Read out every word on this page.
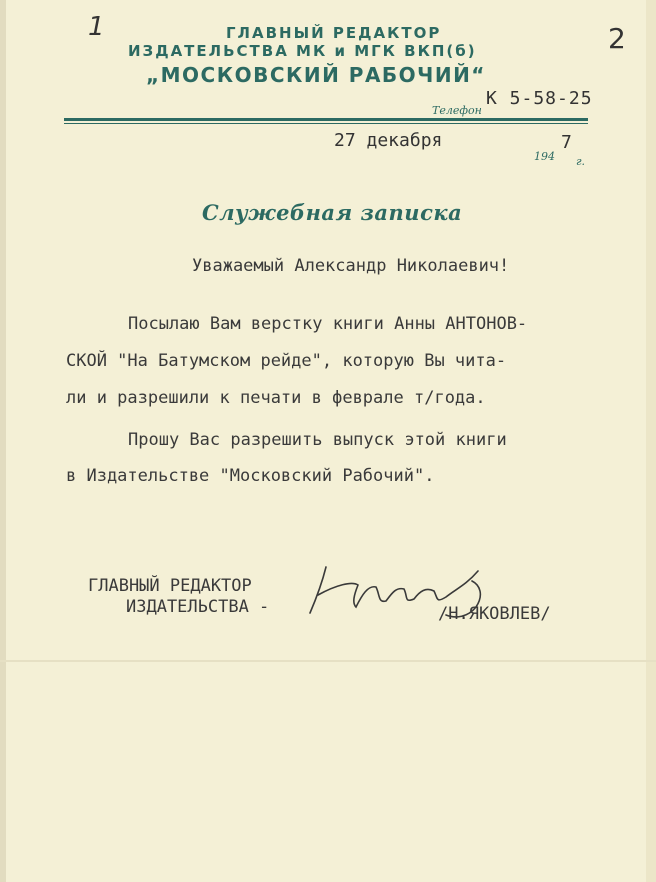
1	2
ГЛАВНЫЙ РЕДАКТОР
ИЗДАТЕЛЬСТВА МК и МГК ВКП(б)
„МОСКОВСКИЙ РАБОЧИЙ“
Телефон
К 5-58-25
27 декабря	7
194 г.
Служебная записка
Уважаемый Александр Николаевич!
Посылаю Вам верстку книги Анны АНТОНОВ-
СКОЙ "На Батумском рейде", которую Вы чита-
ли и разрешили к печати в феврале т/года.
Прошу Вас разрешить выпуск этой книги
в Издательстве "Московский Рабочий".
ГЛАВНЫЙ РЕДАКТОР
ИЗДАТЕЛЬСТВА -	/Н.ЯКОВЛЕВ/
